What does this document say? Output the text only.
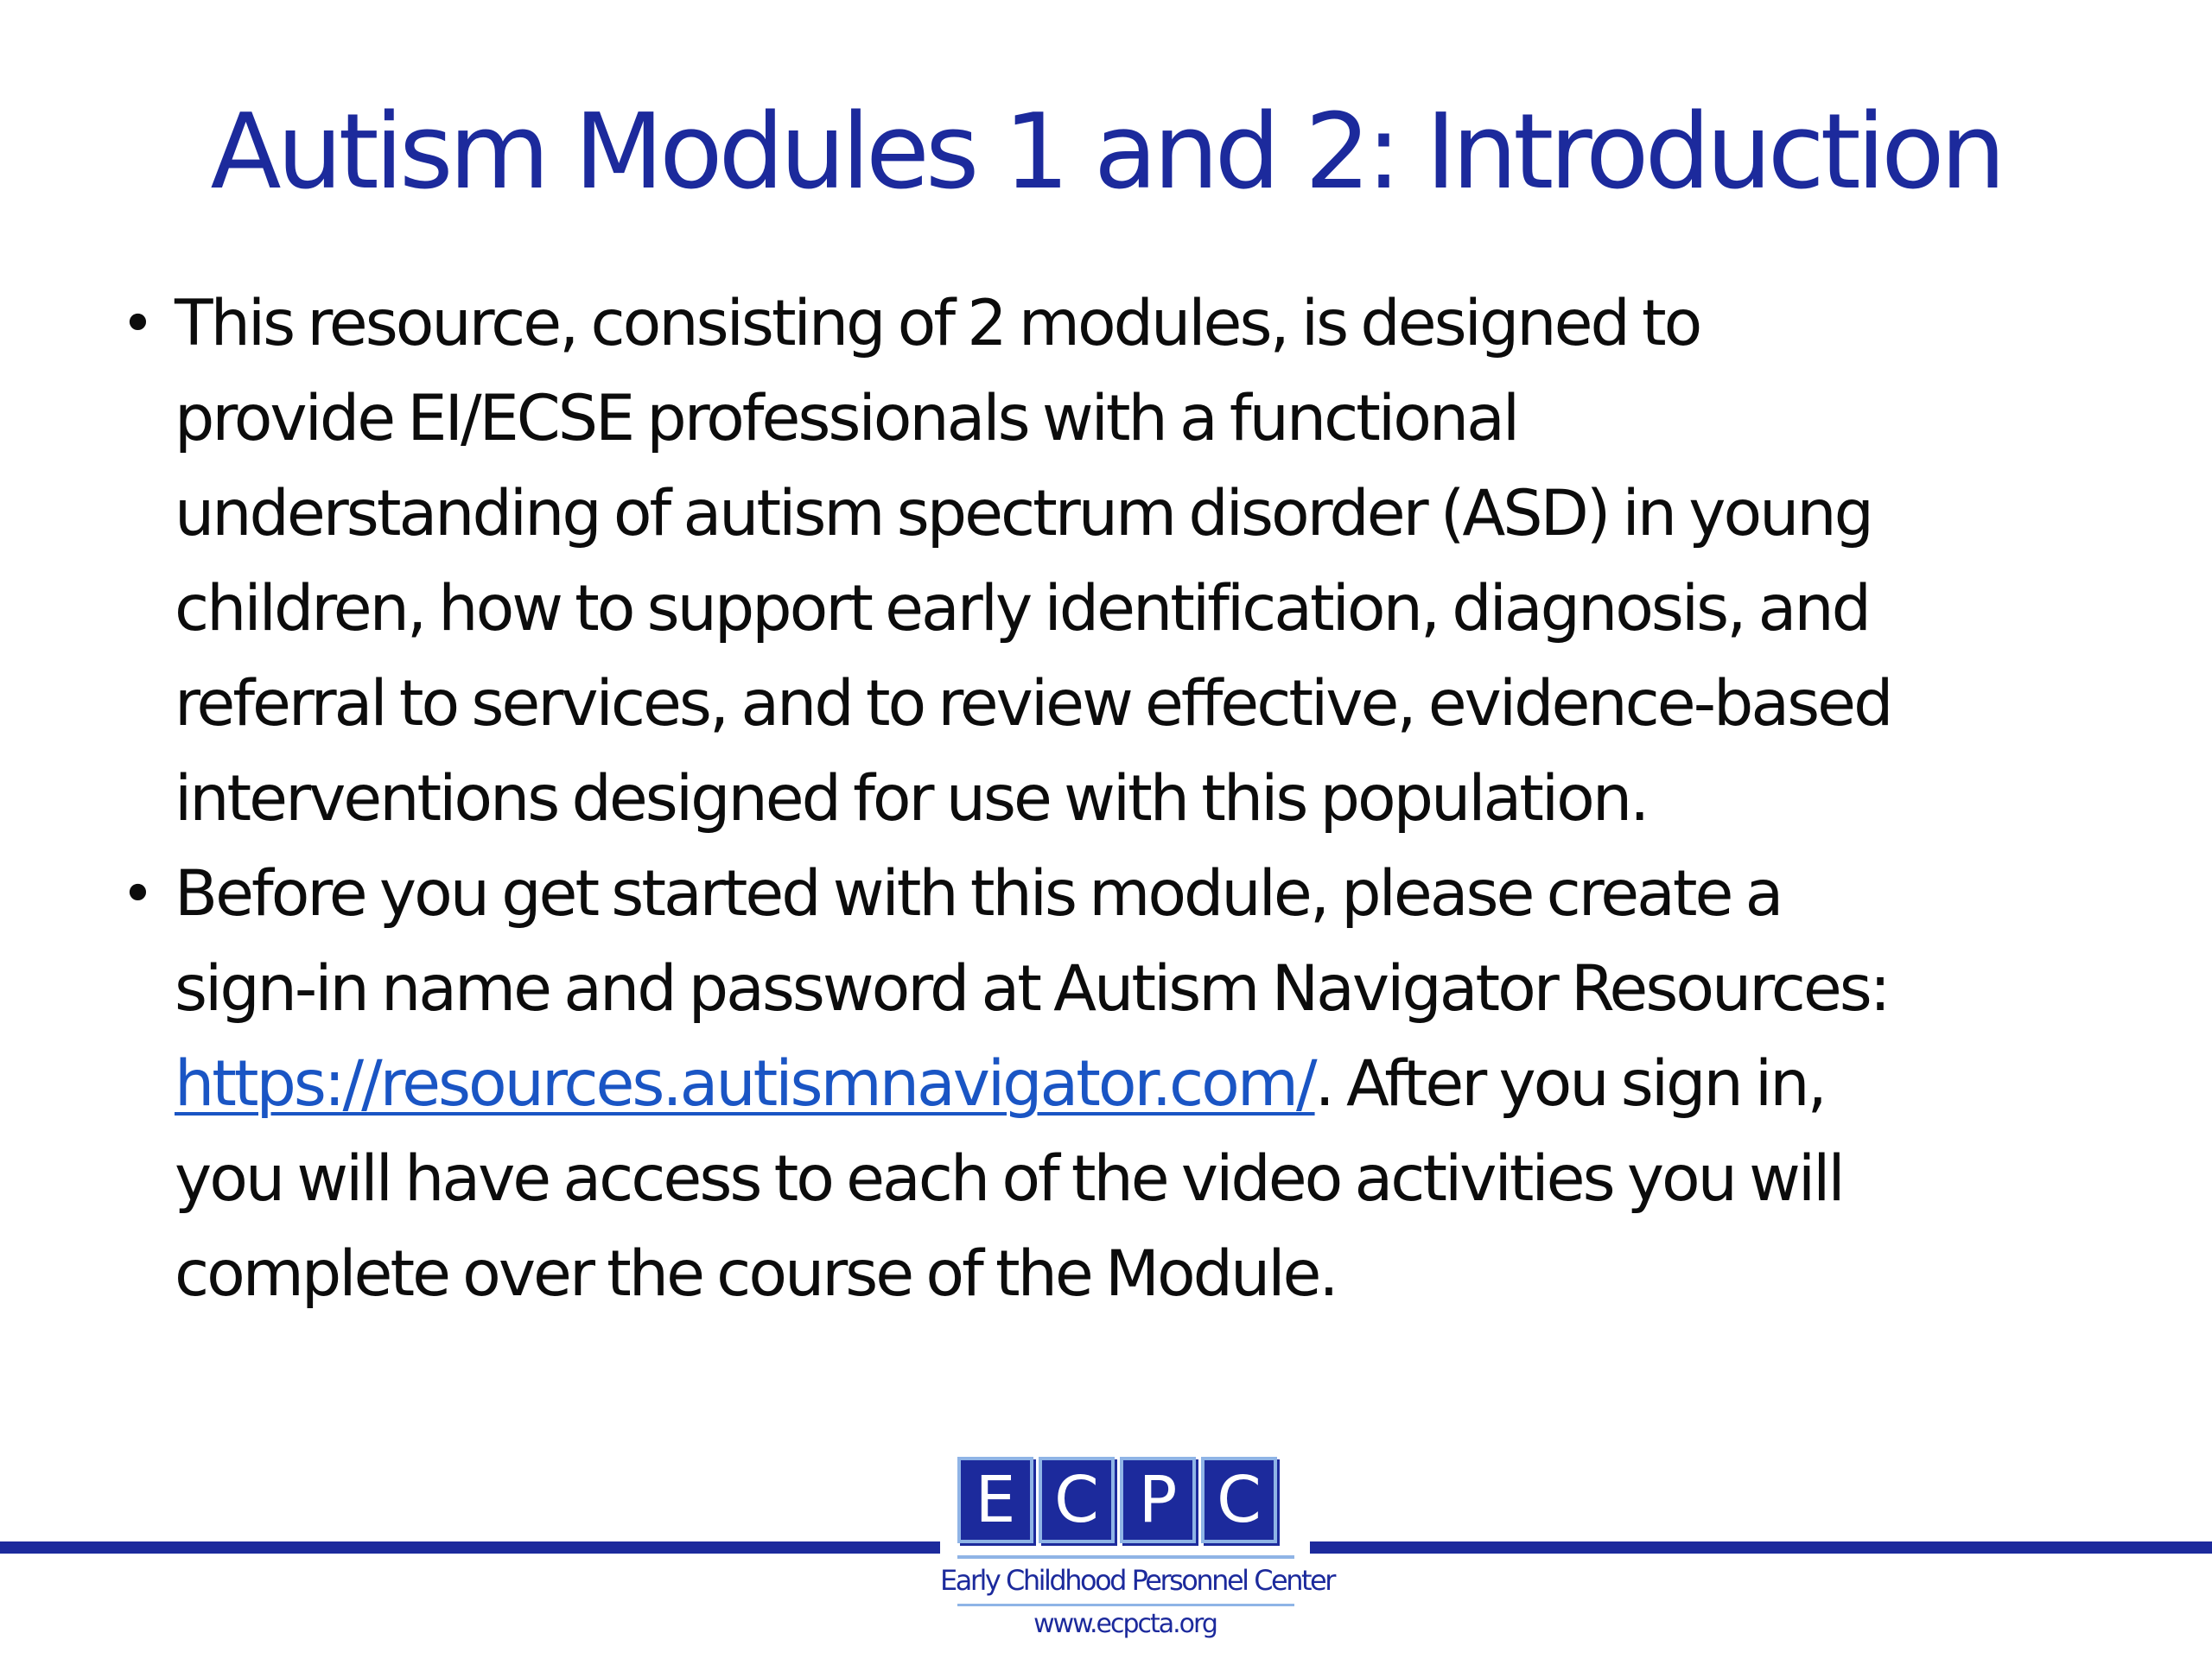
Autism Modules 1 and 2: Introduction
• This resource, consisting of 2 modules, is designed to
provide EI/ECSE professionals with a functional
understanding of autism spectrum disorder (ASD) in young
children, how to support early identification, diagnosis, and
referral to services, and to review effective, evidence-based
interventions designed for use with this population.
• Before you get started with this module, please create a
sign-in name and password at Autism Navigator Resources:
https://resources.autismnavigator.com/. After you sign in,
you will have access to each of the video activities you will
complete over the course of the Module.
E C P C
Early Childhood Personnel Center
www.ecpcta.org
